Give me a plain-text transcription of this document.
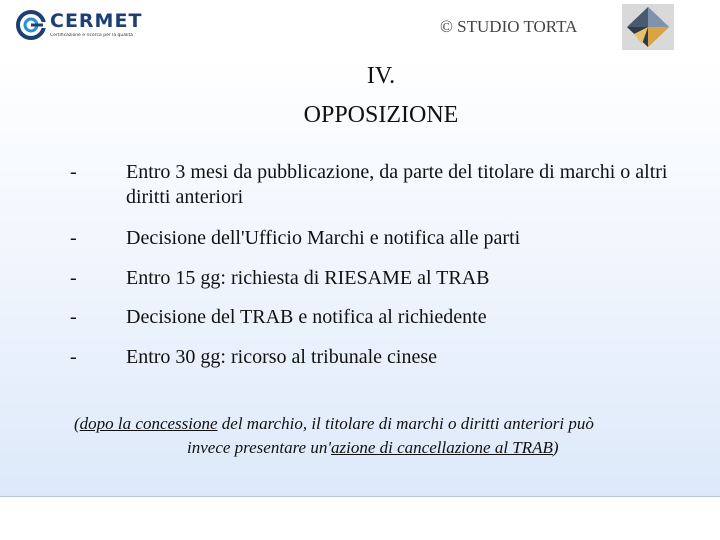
CERMET
Certificazione e ricerca per la qualità	© STUDIO TORTA
IV.
OPPOSIZIONE
- Entro 3 mesi da pubblicazione, da parte del titolare di marchi o altri diritti anteriori
- Decisione dell'Ufficio Marchi e notifica alle parti
- Entro 15 gg: richiesta di RIESAME al TRAB
- Decisione del TRAB e notifica al richiedente
- Entro 30 gg: ricorso al tribunale cinese
(dopo la concessione del marchio, il titolare di marchi o diritti anteriori può
invece presentare un'azione di cancellazione al TRAB)
